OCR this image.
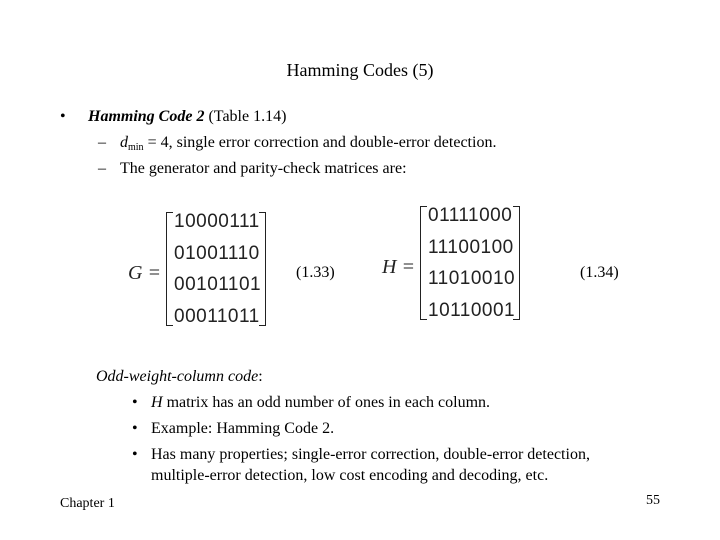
Hamming Codes (5)
• Hamming Code 2 (Table 1.14)
– $d_{min} = 4$, single error correction and double-error detection.
– The generator and parity-check matrices are:
G =
10000111
01001110
00101101
00011011
(1.33) H =
01111000
11100100
11010010
10110001
(1.34)
Odd-weight-column code:
• H matrix has an odd number of ones in each column.
• Example: Hamming Code 2.
• Has many properties; single-error correction, double-error detection,
multiple-error detection, low cost encoding and decoding, etc.
Chapter 1	55
